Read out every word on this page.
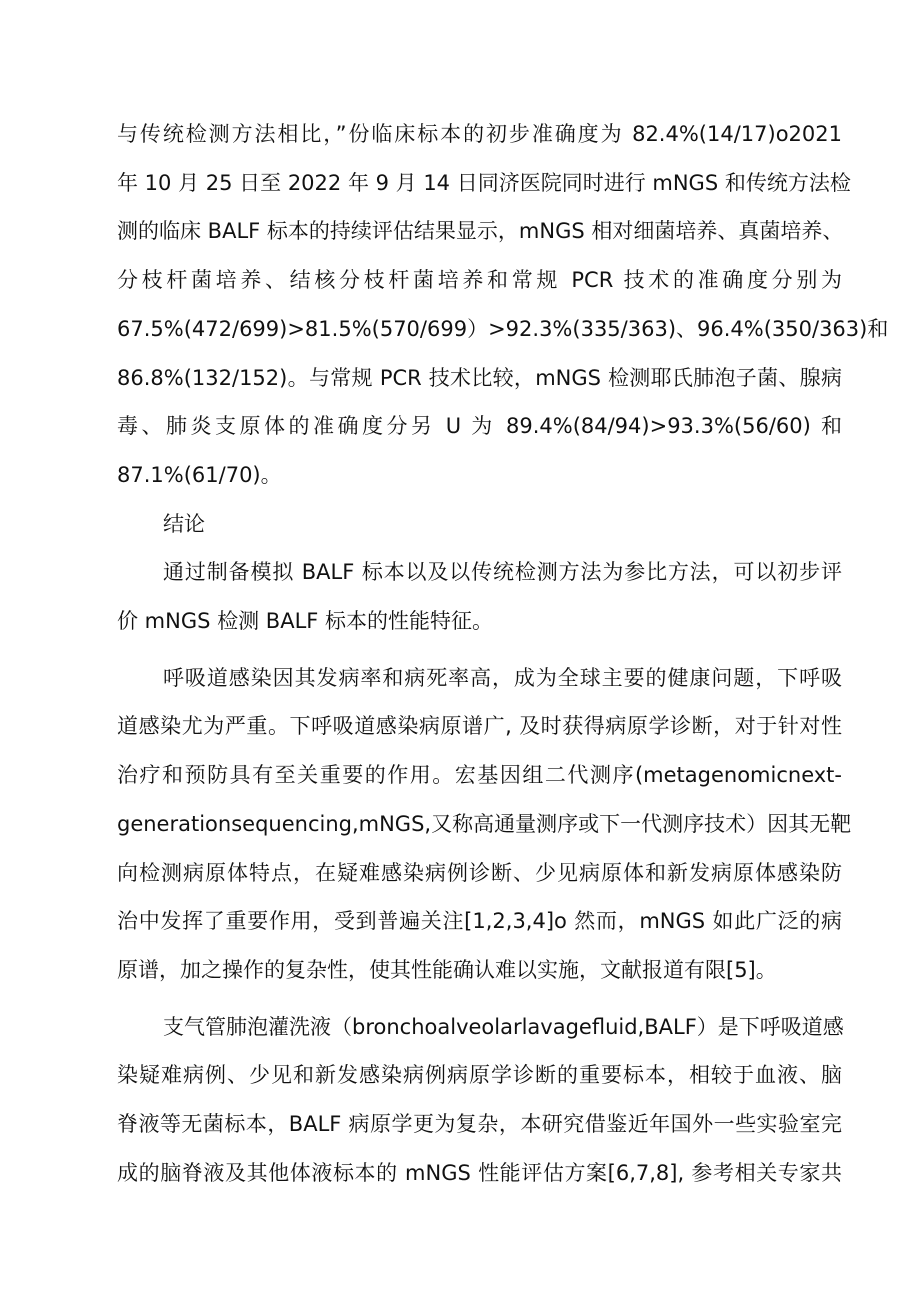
与传统检测方法相比，”份临床标本的初步准确度为 82.4%(14/17)o2021
年 10 月 25 日至 2022 年 9 月 14 日同济医院同时进行 mNGS 和传统方法检
测的临床 BALF 标本的持续评估结果显示，mNGS 相对细菌培养、真菌培养、
分枝杆菌培养、结核分枝杆菌培养和常规 PCR 技术的准确度分别为
67.5%(472/699)>81.5%(570/699）>92.3%(335/363)、96.4%(350/363)和
86.8%(132/152)。与常规 PCR 技术比较，mNGS 检测耶氏肺泡子菌、腺病
毒、肺炎支原体的准确度分另 U 为 89.4%(84/94)>93.3%(56/60) 和
87.1%(61/70)。

结论

通过制备模拟 BALF 标本以及以传统检测方法为参比方法，可以初步评
价 mNGS 检测 BALF 标本的性能特征。

呼吸道感染因其发病率和病死率高，成为全球主要的健康问题，下呼吸
道感染尤为严重。下呼吸道感染病原谱广, 及时获得病原学诊断，对于针对性
治疗和预防具有至关重要的作用。宏基因组二代测序(metagenomicnext-
generationsequencing,mNGS,又称高通量测序或下一代测序技术）因其无靶
向检测病原体特点，在疑难感染病例诊断、少见病原体和新发病原体感染防
治中发挥了重要作用，受到普遍关注[1,2,3,4]o 然而，mNGS 如此广泛的病
原谱，加之操作的复杂性，使其性能确认难以实施，文献报道有限[5]。

支气管肺泡灌洗液（bronchoalveolarlavagefluid,BALF）是下呼吸道感
染疑难病例、少见和新发感染病例病原学诊断的重要标本，相较于血液、脑
脊液等无菌标本，BALF 病原学更为复杂，本研究借鉴近年国外一些实验室完
成的脑脊液及其他体液标本的 mNGS 性能评估方案[6,7,8], 参考相关专家共
